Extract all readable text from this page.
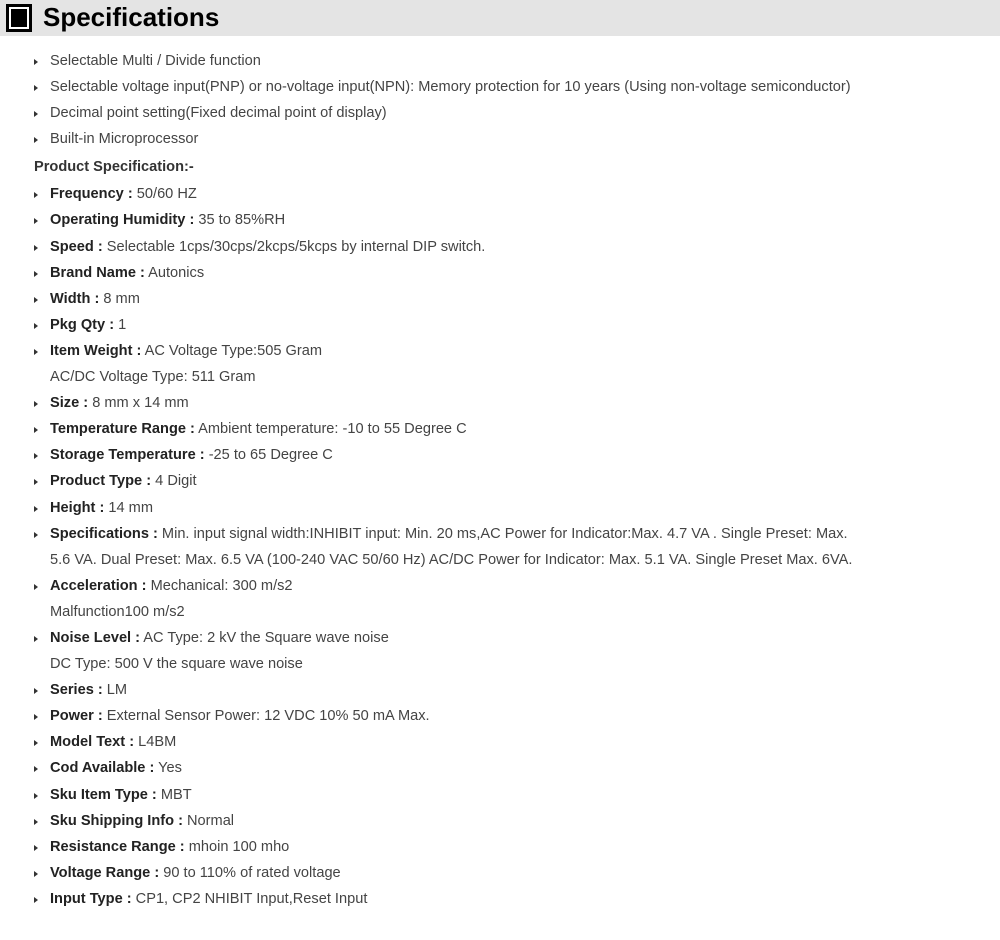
Specifications
Selectable Multi / Divide function
Selectable voltage input(PNP) or no-voltage input(NPN): Memory protection for 10 years (Using non-voltage semiconductor)
Decimal point setting(Fixed decimal point of display)
Built-in Microprocessor
Product Specification:-
Frequency : 50/60 HZ
Operating Humidity : 35 to 85%RH
Speed : Selectable 1cps/30cps/2kcps/5kcps by internal DIP switch.
Brand Name : Autonics
Width : 8 mm
Pkg Qty : 1
Item Weight : AC Voltage Type:505 Gram
AC/DC Voltage Type: 511 Gram
Size : 8 mm x 14 mm
Temperature Range : Ambient temperature: -10 to 55 Degree C
Storage Temperature : -25 to 65 Degree C
Product Type : 4 Digit
Height : 14 mm
Specifications : Min. input signal width:INHIBIT input: Min. 20 ms,AC Power for Indicator:Max. 4.7 VA . Single Preset: Max.
5.6 VA. Dual Preset: Max. 6.5 VA (100-240 VAC 50/60 Hz) AC/DC Power for Indicator: Max. 5.1 VA. Single Preset Max. 6VA.
Acceleration : Mechanical: 300 m/s2
Malfunction100 m/s2
Noise Level : AC Type: 2 kV the Square wave noise
DC Type: 500 V the square wave noise
Series : LM
Power : External Sensor Power: 12 VDC 10% 50 mA Max.
Model Text : L4BM
Cod Available : Yes
Sku Item Type : MBT
Sku Shipping Info : Normal
Resistance Range : mhoin 100 mho
Voltage Range : 90 to 110% of rated voltage
Input Type : CP1, CP2 NHIBIT Input,Reset Input
